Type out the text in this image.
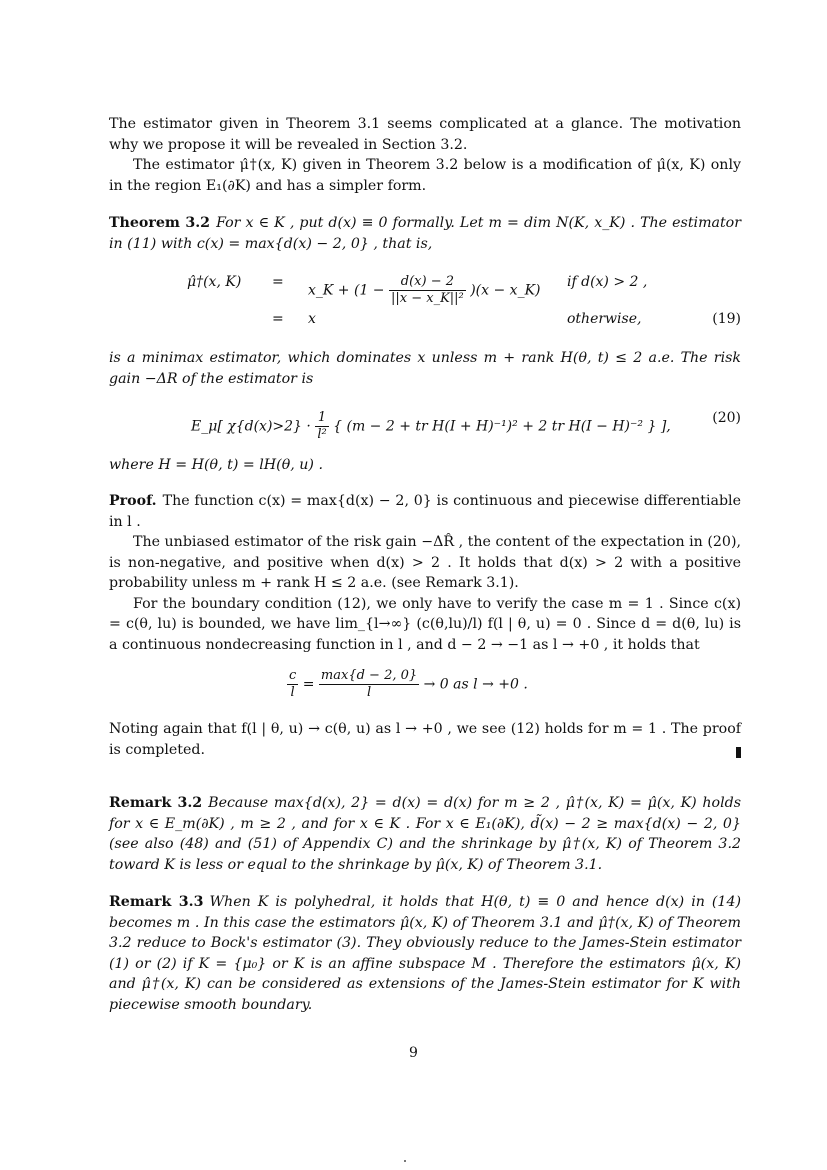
The estimator given in Theorem 3.1 seems complicated at a glance. The motivation why we propose it will be revealed in Section 3.2.

The estimator μ̂†(x, K) given in Theorem 3.2 below is a modification of μ̂(x, K) only in the region E₁(∂K) and has a simpler form.

Theorem 3.2 For x ∈ K , put d(x) ≡ 0 formally. Let m = dim N(K, x_K) . The estimator in (11) with c(x) = max{d(x) − 2, 0} , that is,

μ̂†(x, K) =
x_K + $(1 - \frac{d(x) - 2}{\text{||x − x\_K||²}} )(x$ − x_K)
if d(x) > 2 ,
= x	otherwise,	(19)

is a minimax estimator, which dominates x unless m + rank H(θ, t) ≤ 2 a.e. The risk gain −ΔR of the estimator is

E_μ[ $\chi\{d(x)>2\} \cdot \frac{1}{\text{l²}}$ { (m − 2 + tr H(I + H)⁻¹)² + 2 tr H(I − H)⁻² } ],
(20)

where H = H(θ, t) = lH(θ, u) .

Proof. The function c(x) = max{d(x) − 2, 0} is continuous and piecewise differentiable in l .

The unbiased estimator of the risk gain −ΔR̂ , the content of the expectation in (20), is non-negative, and positive when d(x) > 2 . It holds that d(x) > 2 with a positive probability unless m + rank H ≤ 2 a.e. (see Remark 3.1).

For the boundary condition (12), we only have to verify the case m = 1 . Since c(x) = c(θ, lu) is bounded, we have lim_{l→∞} (c(θ,lu)/l) f(l | θ, u) = 0 . Since d = d(θ, lu) is a continuous nondecreasing function in l , and d − 2 → −1 as l → +0 , it holds that

$\frac{c}{l} = \frac{\max\{d - 2, 0\}}{l} \to 0$ as l → +0 .

Noting again that f(l | θ, u) → c(θ, u) as l → +0 , we see (12) holds for m = 1 . The proof is completed.

Remark 3.2 Because max{d(x), 2} = d(x) = d(x) for m ≥ 2 , μ̂†(x, K) = μ̂(x, K) holds for x ∈ E_m(∂K) , m ≥ 2 , and for x ∈ K . For x ∈ E₁(∂K), d̃(x) − 2 ≥ max{d(x) − 2, 0} (see also (48) and (51) of Appendix C) and the shrinkage by μ̂†(x, K) of Theorem 3.2 toward K is less or equal to the shrinkage by μ̂(x, K) of Theorem 3.1.

Remark 3.3 When K is polyhedral, it holds that H(θ, t) ≡ 0 and hence d(x) in (14) becomes m . In this case the estimators μ̂(x, K) of Theorem 3.1 and μ̂†(x, K) of Theorem 3.2 reduce to Bock's estimator (3). They obviously reduce to the James-Stein estimator (1) or (2) if K = {μ₀} or K is an affine subspace M . Therefore the estimators μ̂(x, K) and μ̂†(x, K) can be considered as extensions of the James-Stein estimator for K with piecewise smooth boundary.

9
